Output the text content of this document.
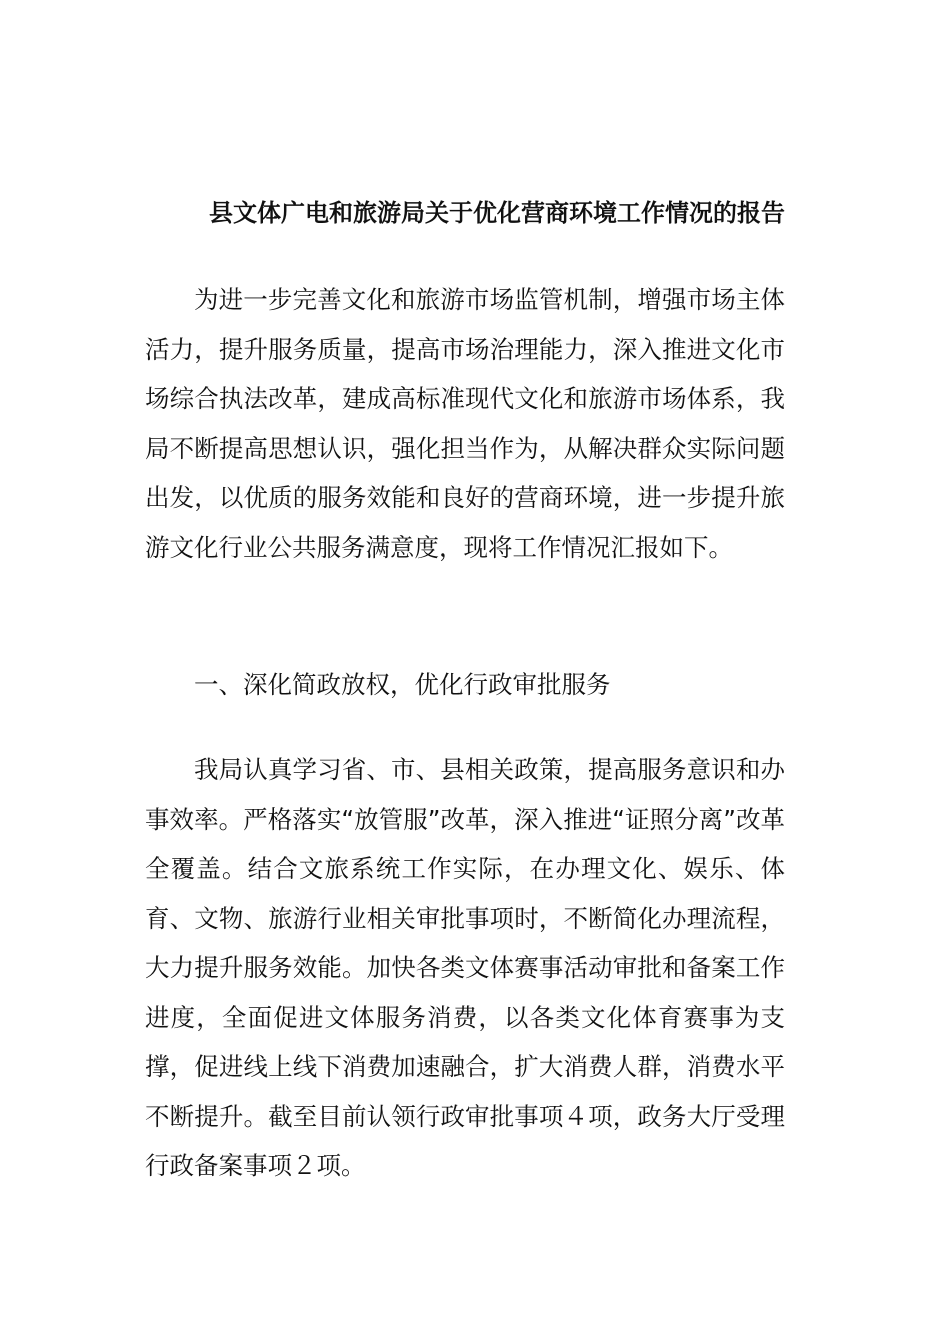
县文体广电和旅游局关于优化营商环境工作情况的报告

为进一步完善文化和旅游市场监管机制，增强市场主体活力，提升服务质量，提高市场治理能力，深入推进文化市场综合执法改革，建成高标准现代文化和旅游市场体系，我局不断提高思想认识，强化担当作为，从解决群众实际问题出发，以优质的服务效能和良好的营商环境，进一步提升旅游文化行业公共服务满意度，现将工作情况汇报如下。

一、深化简政放权，优化行政审批服务

我局认真学习省、市、县相关政策，提高服务意识和办事效率。严格落实“放管服”改革，深入推进“证照分离”改革全覆盖。结合文旅系统工作实际，在办理文化、娱乐、体育、文物、旅游行业相关审批事项时，不断简化办理流程，大力提升服务效能。加快各类文体赛事活动审批和备案工作进度，全面促进文体服务消费，以各类文化体育赛事为支撑，促进线上线下消费加速融合，扩大消费人群，消费水平不断提升。截至目前认领行政审批事项４项，政务大厅受理行政备案事项２项。
